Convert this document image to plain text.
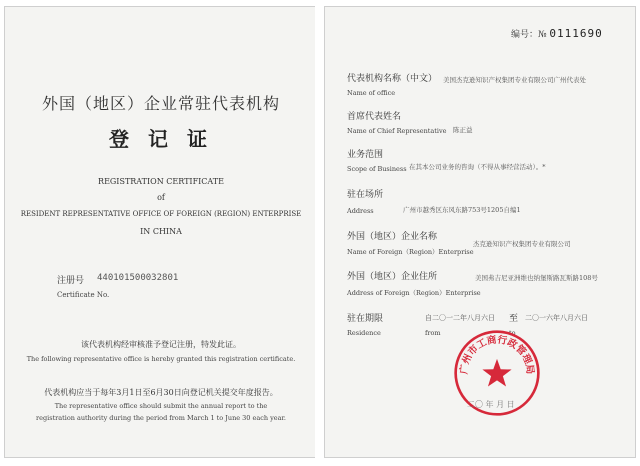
外国（地区）企业常驻代表机构
登 记 证
REGISTRATION CERTIFICATE
of
RESIDENT REPRESENTATIVE OFFICE OF FOREIGN (REGION) ENTERPRISE
IN CHINA
注册号 440101500032801
Certificate No.
该代表机构经审核准予登记注册，特发此证。
The following representative office is hereby granted this registration certificate.
代表机构应当于每年3月1日至6月30日向登记机关提交年度报告。
The representative office should submit the annual report to the
registration authority during the period from March 1 to June 30 each year.
编号：№ 0111690
代表机构名称（中文） 美国杰克逊知识产权集团专业有限公司广州代表处
Name of office
首席代表姓名
Name of Chief Representative 陈正益
业务范围
Scope of Business 在其本公司业务的咨询（不得从事经营活动）。*
驻在场所
Address	广州市越秀区东风东路753号1205自编1
外国（地区）企业名称
杰克逊知识产权集团专业有限公司
Name of Foreign（Region）Enterprise
外国（地区）企业住所	美国弗吉尼亚洲维也纳堡斯路瓦斯路108号
Address of Foreign（Region）Enterprise
驻在期限
Residence
自二〇一二年八月六日
from
至
to
二〇一六年八月六日
广州市工商行政管理局
二〇 年 月 日
